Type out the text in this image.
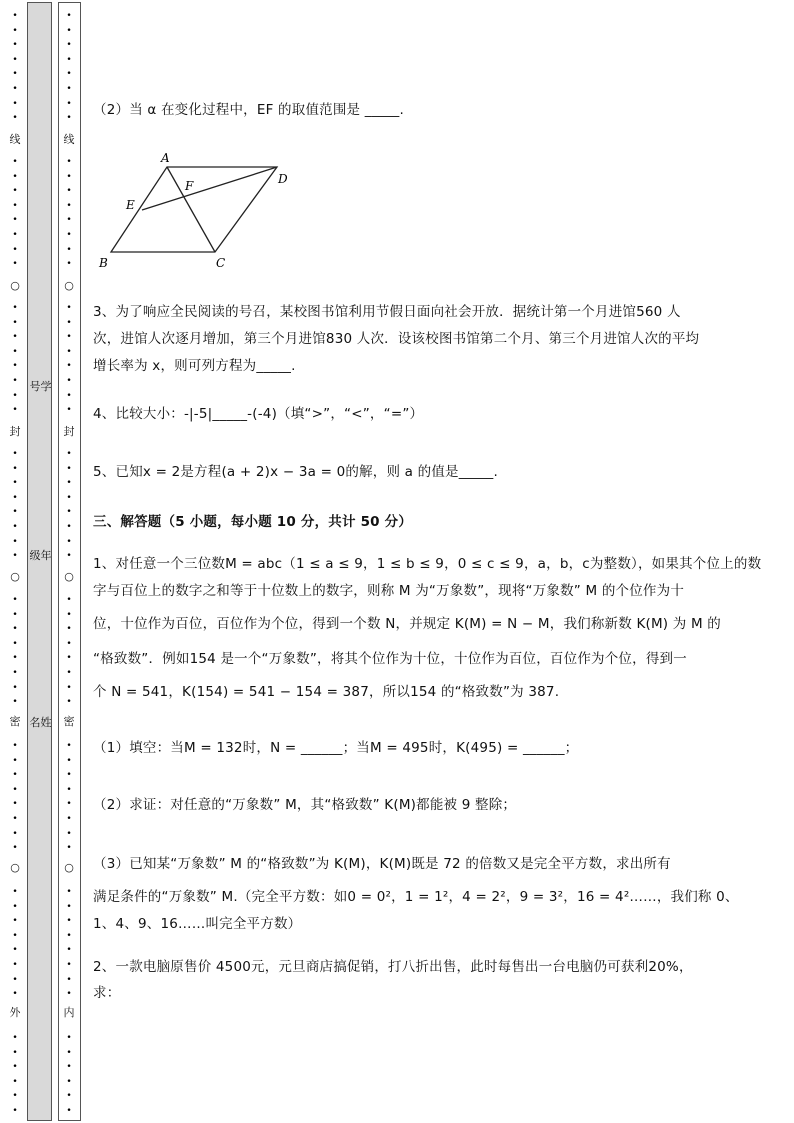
•
•
•
•
•
•
•
•
•
•
•
•
•
•
•
•
•
•
•
•
•
•
•
•
•
•
•
•
•
•
•
•
•
•
•
•
•
•
•
•
•
•
•
•
•
•
•
•
•
•
•
•
•
•
•
•
•
•
•
•
•
•
线
○
封
○
密
○
外
号学
级年
名姓
•
•
•
•
•
•
•
•
•
•
•
•
•
•
•
•
•
•
•
•
•
•
•
•
•
•
•
•
•
•
•
•
•
•
•
•
•
•
•
•
•
•
•
•
•
•
•
•
•
•
•
•
•
•
•
•
•
•
•
•
•
•
线
○
封
○
密
○
内
（2）当 α 在变化过程中，EF 的取值范围是 _____.
A
D
F
E
B	C
3、为了响应全民阅读的号召，某校图书馆利用节假日面向社会开放．据统计第一个月进馆560 人
次，进馆人次逐月增加，第三个月进馆830 人次．设该校图书馆第二个月、第三个月进馆人次的平均
增长率为 x，则可列方程为_____.
4、比较大小：-|-5|_____-(-4)（填“>”，“<”，“=”）
5、已知x = 2是方程(a + 2)x − 3a = 0的解，则 a 的值是_____.
三、解答题（5 小题，每小题 10 分，共计 50 分）
1、对任意一个三位数M = abc（1 ≤ a ≤ 9，1 ≤ b ≤ 9，0 ≤ c ≤ 9，a，b，c为整数），如果其个位上的数
字与百位上的数字之和等于十位数上的数字，则称 M 为“万象数”，现将“万象数” M 的个位作为十
位，十位作为百位，百位作为个位，得到一个数 N，并规定 K(M) = N − M，我们称新数 K(M) 为 M 的
“格致数”．例如154 是一个“万象数”，将其个位作为十位，十位作为百位，百位作为个位，得到一
个 N = 541，K(154) = 541 − 154 = 387，所以154 的“格致数”为 387.
（1）填空：当M = 132时，N = ______；当M = 495时，K(495) = ______；
（2）求证：对任意的“万象数” M，其“格致数” K(M)都能被 9 整除；
（3）已知某“万象数” M 的“格致数”为 K(M)，K(M)既是 72 的倍数又是完全平方数，求出所有
满足条件的“万象数” M.（完全平方数：如0 = 0²，1 = 1²，4 = 2²，9 = 3²，16 = 4²……，我们称 0、
1、4、9、16……叫完全平方数）
2、一款电脑原售价 4500元，元旦商店搞促销，打八折出售，此时每售出一台电脑仍可获利20%，
求：
